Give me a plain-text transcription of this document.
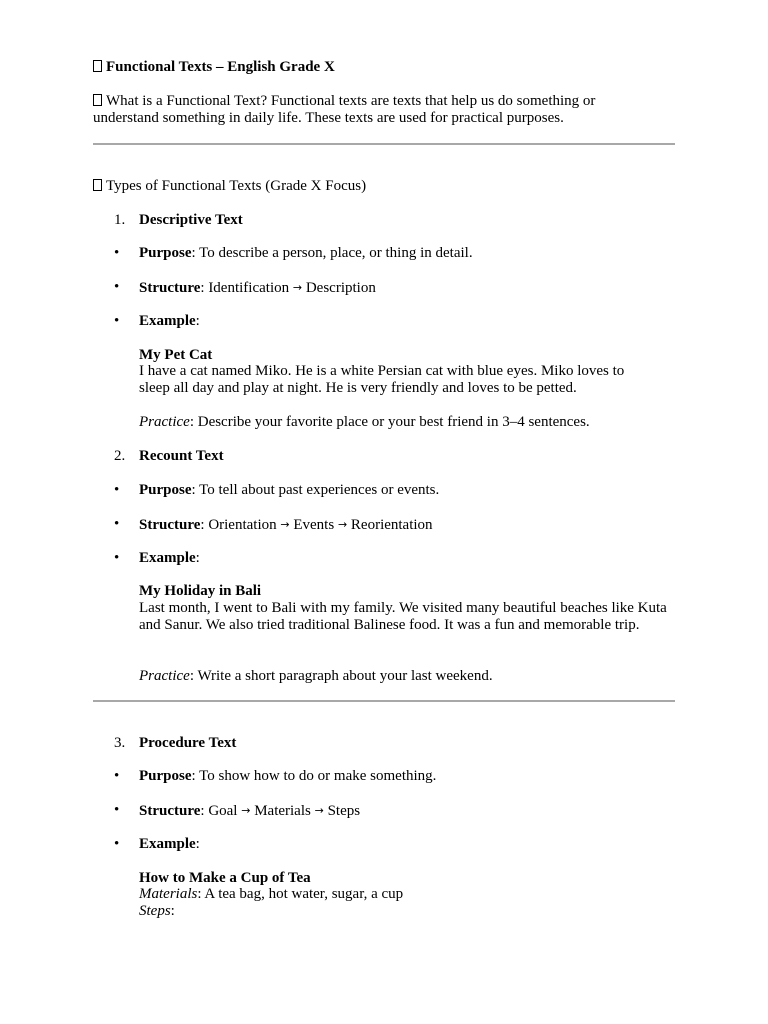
Functional Texts – English Grade X
What is a Functional Text? Functional texts are texts that help us do something or understand something in daily life. These texts are used for practical purposes.
Types of Functional Texts (Grade X Focus)
1. Descriptive Text
• Purpose: To describe a person, place, or thing in detail.
• Structure: Identification → Description
• Example:
My Pet Cat
I have a cat named Miko. He is a white Persian cat with blue eyes. Miko loves to sleep all day and play at night. He is very friendly and loves to be petted.
Practice: Describe your favorite place or your best friend in 3–4 sentences.
2. Recount Text
• Purpose: To tell about past experiences or events.
• Structure: Orientation → Events → Reorientation
• Example:
My Holiday in Bali
Last month, I went to Bali with my family. We visited many beautiful beaches like Kuta and Sanur. We also tried traditional Balinese food. It was a fun and memorable trip.
Practice: Write a short paragraph about your last weekend.
3. Procedure Text
• Purpose: To show how to do or make something.
• Structure: Goal → Materials → Steps
• Example:
How to Make a Cup of Tea
Materials: A tea bag, hot water, sugar, a cup
Steps:
